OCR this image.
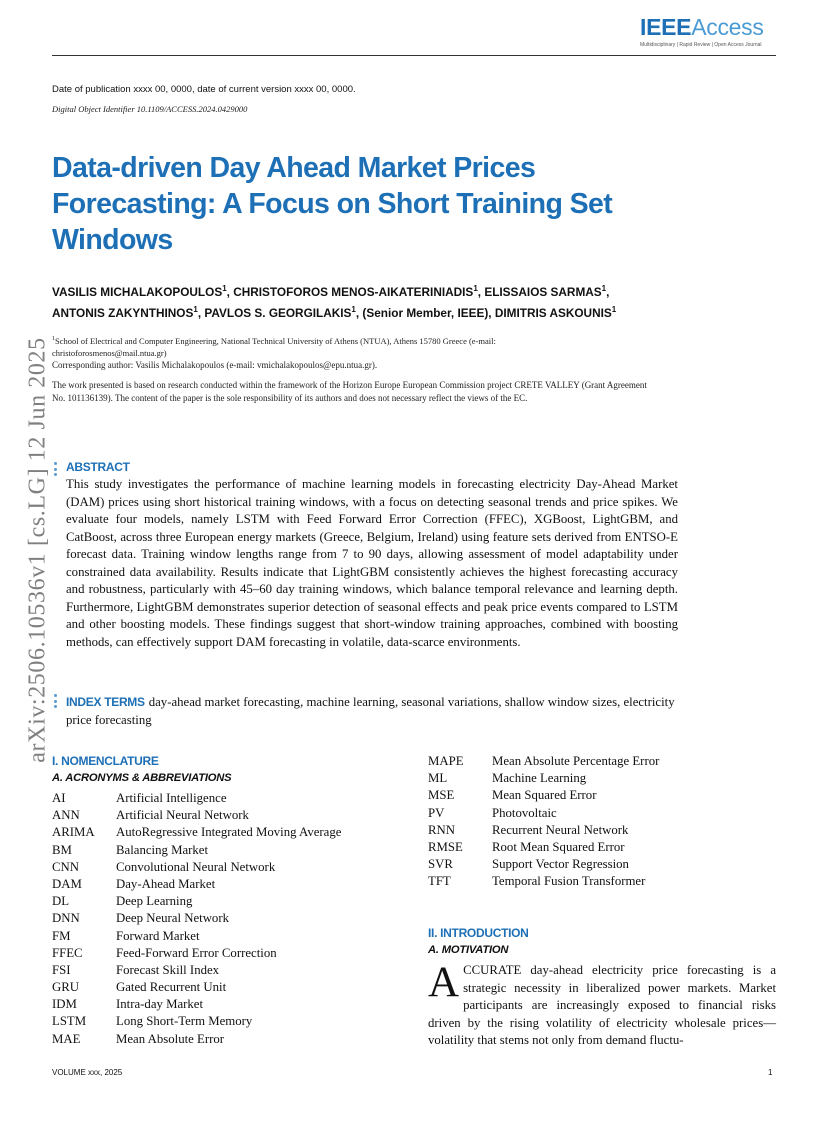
IEEEAccess
Multidisciplinary | Rapid Review | Open Access Journal
Date of publication xxxx 00, 0000, date of current version xxxx 00, 0000.
Digital Object Identifier 10.1109/ACCESS.2024.0429000
arXiv:2506.10536v1 [cs.LG] 12 Jun 2025
Data-driven Day Ahead Market Prices Forecasting: A Focus on Short Training Set Windows
VASILIS MICHALAKOPOULOS$^1$, CHRISTOFOROS MENOS-AIKATERINIADIS$^1$, ELISSAIOS SARMAS$^1$, ANTONIS ZAKYNTHINOS$^1$, PAVLOS S. GEORGILAKIS$^1$, (Senior Member, IEEE), DIMITRIS ASKOUNIS$^1$
$^1$School of Electrical and Computer Engineering, National Technical University of Athens (NTUA), Athens 15780 Greece (e-mail: christoforosmenos@mail.ntua.gr)
Corresponding author: Vasilis Michalakopoulos (e-mail: vmichalakopoulos@epu.ntua.gr).
The work presented is based on research conducted within the framework of the Horizon Europe European Commission project CRETE VALLEY (Grant Agreement No. 101136139). The content of the paper is the sole responsibility of its authors and does not necessary reflect the views of the EC.
ABSTRACT
This study investigates the performance of machine learning models in forecasting electricity Day-Ahead Market (DAM) prices using short historical training windows, with a focus on detecting seasonal trends and price spikes. We evaluate four models, namely LSTM with Feed Forward Error Correction (FFEC), XGBoost, LightGBM, and CatBoost, across three European energy markets (Greece, Belgium, Ireland) using feature sets derived from ENTSO-E forecast data. Training window lengths range from 7 to 90 days, allowing assessment of model adaptability under constrained data availability. Results indicate that LightGBM consistently achieves the highest forecasting accuracy and robustness, particularly with 45–60 day training windows, which balance temporal relevance and learning depth. Furthermore, LightGBM demonstrates superior detection of seasonal effects and peak price events compared to LSTM and other boosting models. These findings suggest that short-window training approaches, combined with boosting methods, can effectively support DAM forecasting in volatile, data-scarce environments.
INDEX TERMS day-ahead market forecasting, machine learning, seasonal variations, shallow window sizes, electricity price forecasting
I. NOMENCLATURE
A. ACRONYMS & ABBREVIATIONS
AI	Artificial Intelligence
ANN	Artificial Neural Network
ARIMA AutoRegressive Integrated Moving Average
BM	Balancing Market
CNN	Convolutional Neural Network
DAM	Day-Ahead Market
DL	Deep Learning
DNN	Deep Neural Network
FM	Forward Market
FFEC	Feed-Forward Error Correction
FSI	Forecast Skill Index
GRU	Gated Recurrent Unit
IDM	Intra-day Market
LSTM Long Short-Term Memory
MAE	Mean Absolute Error
MAPE Mean Absolute Percentage Error
ML	Machine Learning
MSE	Mean Squared Error
PV	Photovoltaic
RNN	Recurrent Neural Network
RMSE Root Mean Squared Error
SVR	Support Vector Regression
TFT	Temporal Fusion Transformer
II. INTRODUCTION
A. MOTIVATION
ACCURATE day-ahead electricity price forecasting is a strategic necessity in liberalized power markets. Market participants are increasingly exposed to financial risks driven by the rising volatility of electricity wholesale prices—volatility that stems not only from demand fluctu-
VOLUME xxx, 2025	1
